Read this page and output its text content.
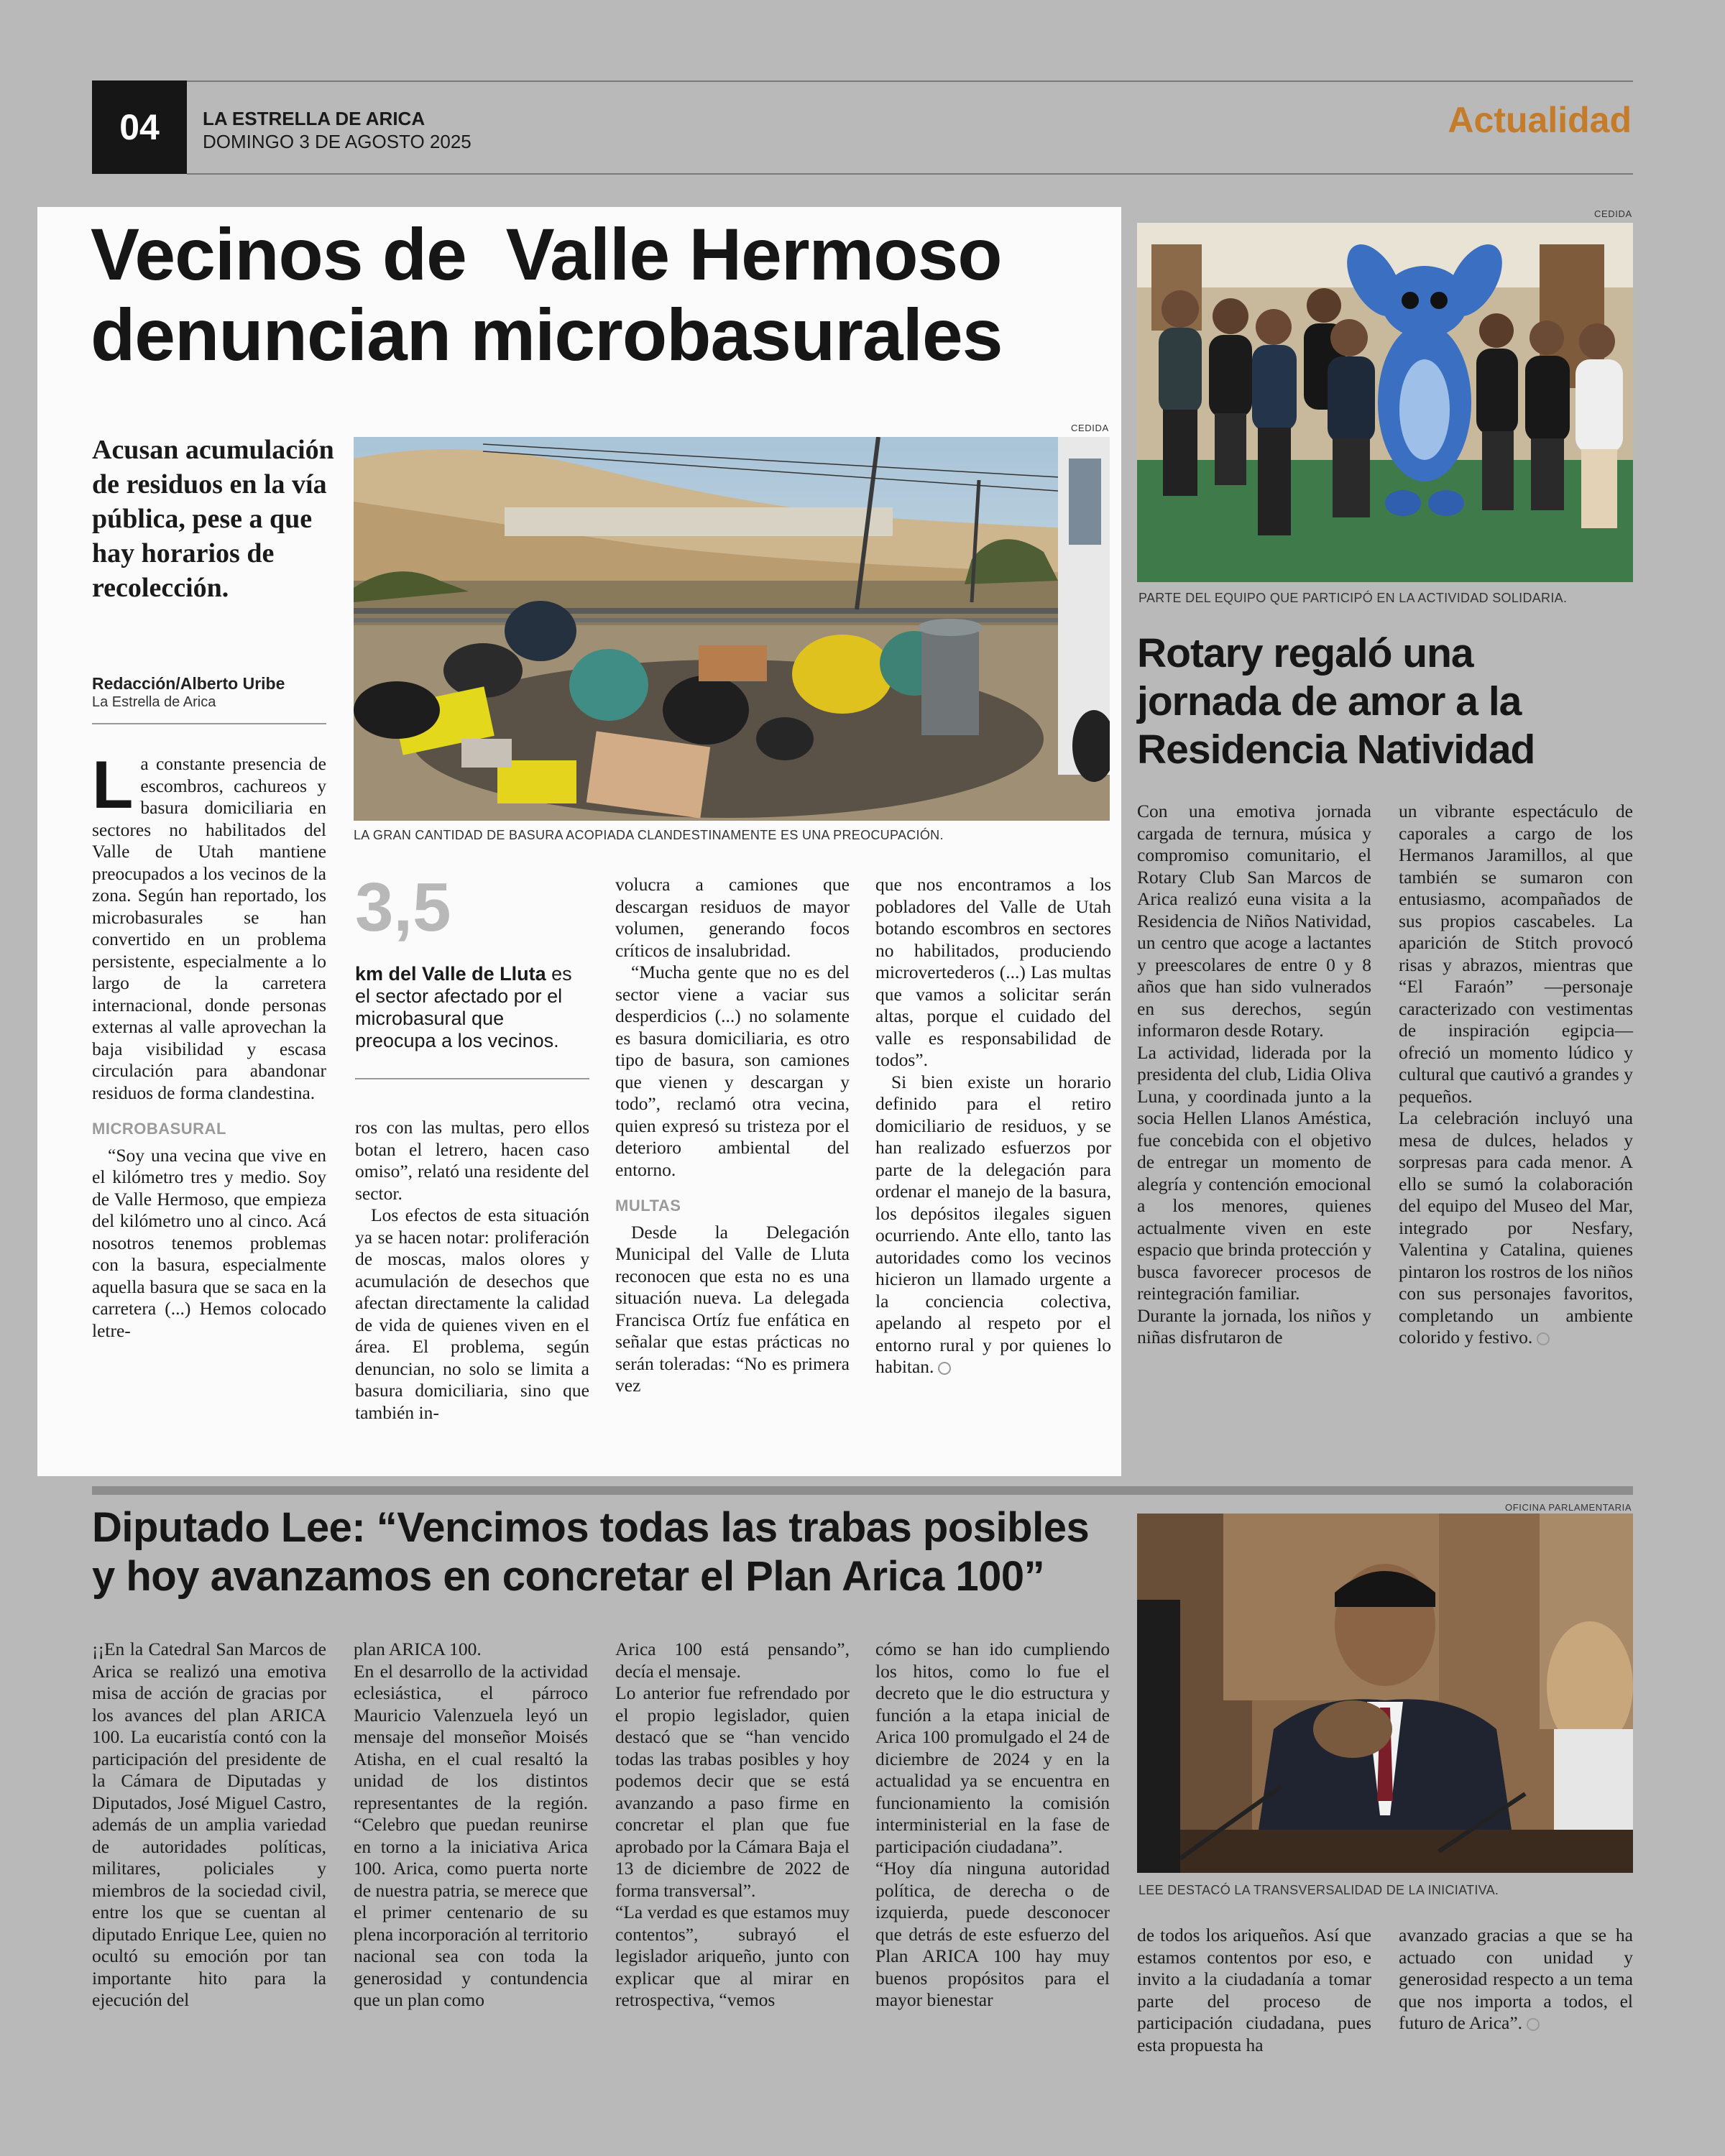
04	LA ESTRELLA DE ARICA
DOMINGO 3 DE AGOSTO 2025
Actualidad
Vecinos de  Valle Hermoso
denuncian microbasurales
Acusan acumulación de residuos en la vía pública, pese a que hay horarios de recolección.
Redacción/Alberto Uribe
La Estrella de Arica
CEDIDA
LA GRAN CANTIDAD DE BASURA ACOPIADA CLANDESTINAMENTE ES UNA PREOCUPACIÓN.

La constante presencia de escombros, cachureos y basura domiciliaria en sectores no habilitados del Valle de Utah mantiene preocupados a los vecinos de la zona. Según han reportado, los microbasurales se han convertido en un problema persistente, especialmente a lo largo de la carretera internacional, donde personas externas al valle aprovechan la baja visibilidad y escasa circulación para abandonar residuos de forma clandestina.

MICROBASURAL

“Soy una vecina que vive en el kilómetro tres y medio. Soy de Valle Hermoso, que empieza del kilómetro uno al cinco. Acá nosotros tenemos problemas con la basura, especialmente aquella basura que se saca en la carretera (...) Hemos colocado letre-

3,5
km del Valle de Lluta es el sector afectado por el microbasural que preocupa a los vecinos.

ros con las multas, pero ellos botan el letrero, hacen caso omiso”, relató una residente del sector.

Los efectos de esta situación ya se hacen notar: proliferación de moscas, malos olores y acumulación de desechos que afectan directamente la calidad de vida de quienes viven en el área. El problema, según denuncian, no solo se limita a basura domiciliaria, sino que también in-

volucra a camiones que descargan residuos de mayor volumen, generando focos críticos de insalubridad.

“Mucha gente que no es del sector viene a vaciar sus desperdicios (...) no solamente es basura domiciliaria, es otro tipo de basura, son camiones que vienen y descargan y todo”, reclamó otra vecina, quien expresó su tristeza por el deterioro ambiental del entorno.

MULTAS

Desde la Delegación Municipal del Valle de Lluta reconocen que esta no es una situación nueva. La delegada Francisca Ortíz fue enfática en señalar que estas prácticas no serán toleradas: “No es primera vez

que nos encontramos a los pobladores del Valle de Utah botando escombros en sectores no habilitados, produciendo microvertederos (...) Las multas que vamos a solicitar serán altas, porque el cuidado del valle es responsabilidad de todos”.

Si bien existe un horario definido para el retiro domiciliario de residuos, y se han realizado esfuerzos por parte de la delegación para ordenar el manejo de la basura, los depósitos ilegales siguen ocurriendo. Ante ello, tanto las autoridades como los vecinos hicieron un llamado urgente a la conciencia colectiva, apelando al respeto por el entorno rural y por quienes lo habitan.

CEDIDA
PARTE DEL EQUIPO QUE PARTICIPÓ EN LA ACTIVIDAD SOLIDARIA.
Rotary regaló una jornada de amor a la Residencia Natividad

Con una emotiva jornada cargada de ternura, música y compromiso comunitario, el Rotary Club San Marcos de Arica realizó euna visita a la Residencia de Niños Natividad, un centro que acoge a lactantes y preescolares de entre 0 y 8 años que han sido vulnerados en sus derechos, según informaron desde Rotary.

La actividad, liderada por la presidenta del club, Lidia Oliva Luna, y coordinada junto a la socia Hellen Llanos Améstica, fue concebida con el objetivo de entregar un momento de alegría y contención emocional a los menores, quienes actualmente viven en este espacio que brinda protección y busca favorecer procesos de reintegración familiar.

Durante la jornada, los niños y niñas disfrutaron de

un vibrante espectáculo de caporales a cargo de los Hermanos Jaramillos, al que también se sumaron con entusiasmo, acompañados de sus propios cascabeles. La aparición de Stitch provocó risas y abrazos, mientras que “El Faraón” —personaje caracterizado con vestimentas de inspiración egipcia— ofreció un momento lúdico y cultural que cautivó a grandes y pequeños.

La celebración incluyó una mesa de dulces, helados y sorpresas para cada menor. A ello se sumó la colaboración del equipo del Museo del Mar, integrado por Nesfary, Valentina y Catalina, quienes pintaron los rostros de los niños con sus personajes favoritos, completando un ambiente colorido y festivo.

Diputado Lee: “Vencimos todas las trabas posibles
y hoy avanzamos en concretar el Plan Arica 100”
OFICINA PARLAMENTARIA
LEE DESTACÓ LA TRANSVERSALIDAD DE LA INICIATIVA.

¡¡En la Catedral San Marcos de Arica se realizó una emotiva misa de acción de gracias por los avances del plan ARICA 100. La eucaristía contó con la participación del presidente de la Cámara de Diputadas y Diputados, José Miguel Castro, además de un amplia variedad de autoridades políticas, militares, policiales y miembros de la sociedad civil, entre los que se cuentan al diputado Enrique Lee, quien no ocultó su emoción por tan importante hito para la ejecución del

plan ARICA 100.

En el desarrollo de la actividad eclesiástica, el párroco Mauricio Valenzuela leyó un mensaje del monseñor Moisés Atisha, en el cual resaltó la unidad de los distintos representantes de la región. “Celebro que puedan reunirse en torno a la iniciativa Arica 100. Arica, como puerta norte de nuestra patria, se merece que el primer centenario de su plena incorporación al territorio nacional sea con toda la generosidad y contundencia que un plan como

Arica 100 está pensando”, decía el mensaje.

Lo anterior fue refrendado por el propio legislador, quien destacó que se “han vencido todas las trabas posibles y hoy podemos decir que se está avanzando a paso firme en concretar el plan que fue aprobado por la Cámara Baja el 13 de diciembre de 2022 de forma transversal”.

“La verdad es que estamos muy contentos”, subrayó el legislador ariqueño, junto con explicar que al mirar en retrospectiva, “vemos

cómo se han ido cumpliendo los hitos, como lo fue el decreto que le dio estructura y función a la etapa inicial de Arica 100 promulgado el 24 de diciembre de 2024 y en la actualidad ya se encuentra en funcionamiento la comisión interministerial en la fase de participación ciudadana”.

“Hoy día ninguna autoridad política, de derecha o de izquierda, puede desconocer que detrás de este esfuerzo del Plan ARICA 100 hay muy buenos propósitos para el mayor bienestar

de todos los ariqueños. Así que estamos contentos por eso, e invito a la ciudadanía a tomar parte del proceso de participación ciudadana, pues esta propuesta ha

avanzado gracias a que se ha actuado con unidad y generosidad respecto a un tema que nos importa a todos, el futuro de Arica”.
